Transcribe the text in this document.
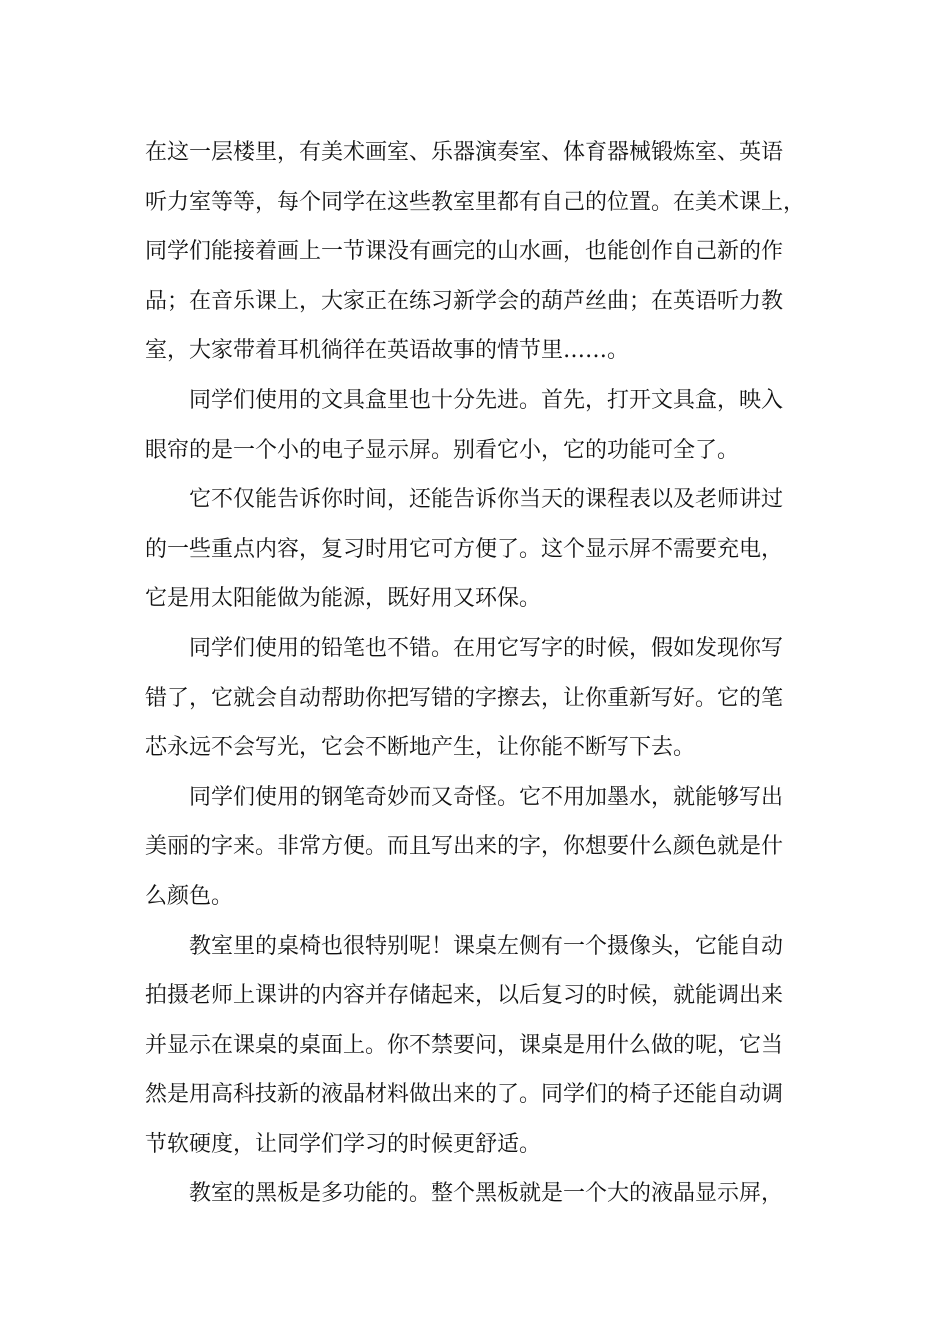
在这一层楼里，有美术画室、乐器演奏室、体育器械锻炼室、英语
听力室等等，每个同学在这些教室里都有自己的位置。在美术课上，
同学们能接着画上一节课没有画完的山水画，也能创作自己新的作
品；在音乐课上，大家正在练习新学会的葫芦丝曲；在英语听力教
室，大家带着耳机徜徉在英语故事的情节里……。
同学们使用的文具盒里也十分先进。首先，打开文具盒，映入
眼帘的是一个小的电子显示屏。别看它小，它的功能可全了。
它不仅能告诉你时间，还能告诉你当天的课程表以及老师讲过
的一些重点内容，复习时用它可方便了。这个显示屏不需要充电，
它是用太阳能做为能源，既好用又环保。
同学们使用的铅笔也不错。在用它写字的时候，假如发现你写
错了，它就会自动帮助你把写错的字擦去，让你重新写好。它的笔
芯永远不会写光，它会不断地产生，让你能不断写下去。
同学们使用的钢笔奇妙而又奇怪。它不用加墨水，就能够写出
美丽的字来。非常方便。而且写出来的字，你想要什么颜色就是什
么颜色。
教室里的桌椅也很特别呢！课桌左侧有一个摄像头，它能自动
拍摄老师上课讲的内容并存储起来，以后复习的时候，就能调出来
并显示在课桌的桌面上。你不禁要问，课桌是用什么做的呢，它当
然是用高科技新的液晶材料做出来的了。同学们的椅子还能自动调
节软硬度，让同学们学习的时候更舒适。
教室的黑板是多功能的。整个黑板就是一个大的液晶显示屏，
